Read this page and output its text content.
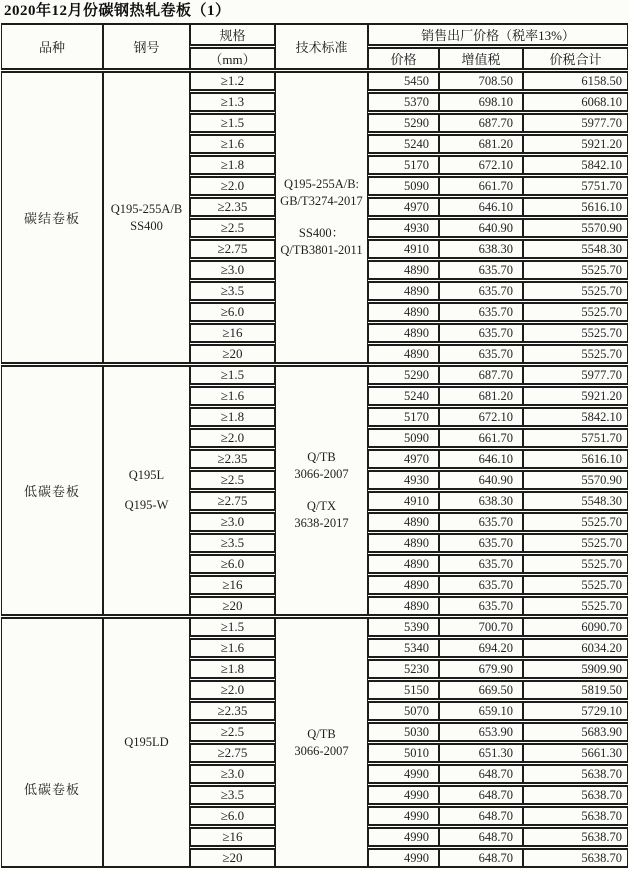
2020年12月份碳钢热轧卷板（1）
品种	钢号	规格	技术标准	销售出厂价格（税率13%）		
		（mm）		价格	增值税	价税合计
碳结卷板	
Q195-255A/B
SS400
	≥1.2	
Q195-255A/B:
GB/T3274-2017
SS400：
Q/TB3801-2011
	5450	708.50	6158.50
		≥1.3		5370	698.10	6068.10
		≥1.5		5290	687.70	5977.70
		≥1.6		5240	681.20	5921.20
		≥1.8		5170	672.10	5842.10
		≥2.0		5090	661.70	5751.70
		≥2.35		4970	646.10	5616.10
		≥2.5		4930	640.90	5570.90
		≥2.75		4910	638.30	5548.30
		≥3.0		4890	635.70	5525.70
		≥3.5		4890	635.70	5525.70
		≥6.0		4890	635.70	5525.70
		≥16		4890	635.70	5525.70
		≥20		4890	635.70	5525.70
低碳卷板	
Q195L
Q195-W
	≥1.5	
Q/TB
3066-2007
Q/TX
3638-2017
	5290	687.70	5977.70
		≥1.6		5240	681.20	5921.20
		≥1.8		5170	672.10	5842.10
		≥2.0		5090	661.70	5751.70
		≥2.35		4970	646.10	5616.10
		≥2.5		4930	640.90	5570.90
		≥2.75		4910	638.30	5548.30
		≥3.0		4890	635.70	5525.70
		≥3.5		4890	635.70	5525.70
		≥6.0		4890	635.70	5525.70
		≥16		4890	635.70	5525.70
		≥20		4890	635.70	5525.70
低碳卷板	Q195LD	≥1.5	Q/TB
3066-2007	5390	700.70	6090.70
		≥1.6		5340	694.20	6034.20
		≥1.8		5230	679.90	5909.90
		≥2.0		5150	669.50	5819.50
		≥2.35		5070	659.10	5729.10
		≥2.5		5030	653.90	5683.90
		≥2.75		5010	651.30	5661.30
		≥3.0		4990	648.70	5638.70
		≥3.5		4990	648.70	5638.70
		≥6.0		4990	648.70	5638.70
		≥16		4990	648.70	5638.70
		≥20		4990	648.70	5638.70
